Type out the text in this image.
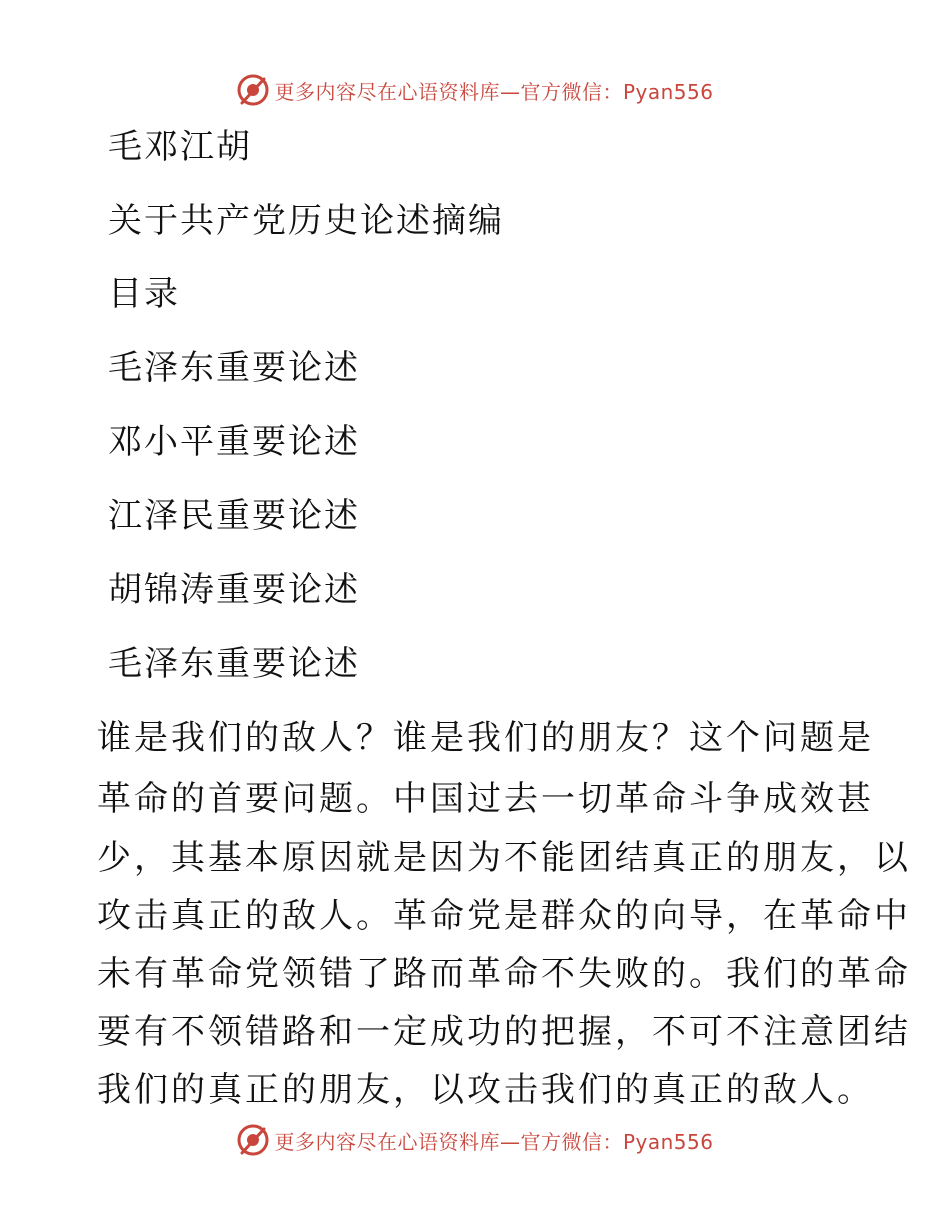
更多内容尽在心语资料库—官方微信：Pyan556
毛邓江胡
关于共产党历史论述摘编
目录
毛泽东重要论述
邓小平重要论述
江泽民重要论述
胡锦涛重要论述
毛泽东重要论述
谁是我们的敌人？谁是我们的朋友？这个问题是
革命的首要问题。中国过去一切革命斗争成效甚
少，其基本原因就是因为不能团结真正的朋友，以
攻击真正的敌人。革命党是群众的向导，在革命中
未有革命党领错了路而革命不失败的。我们的革命
要有不领错路和一定成功的把握，不可不注意团结
我们的真正的朋友，以攻击我们的真正的敌人。
更多内容尽在心语资料库—官方微信：Pyan556
